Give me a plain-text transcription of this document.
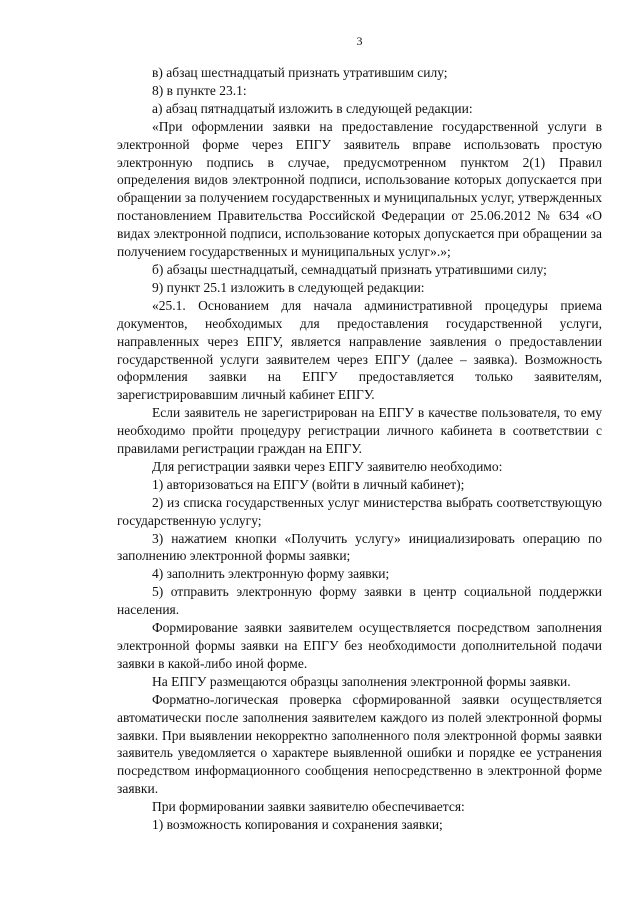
3

в) абзац шестнадцатый признать утратившим силу;

8) в пункте 23.1:

а) абзац пятнадцатый изложить в следующей редакции:

«При оформлении заявки на предоставление государственной услуги в электронной форме через ЕПГУ заявитель вправе использовать простую электронную подпись в случае, предусмотренном пунктом 2(1) Правил определения видов электронной подписи, использование которых допускается при обращении за получением государственных и муниципальных услуг, утвержденных постановлением Правительства Российской Федерации от 25.06.2012 № 634 «О видах электронной подписи, использование которых допускается при обращении за получением государственных и муниципальных услуг».»;

б) абзацы шестнадцатый, семнадцатый признать утратившими силу;

9) пункт 25.1 изложить в следующей редакции:

«25.1. Основанием для начала административной процедуры приема документов, необходимых для предоставления государственной услуги, направленных через ЕПГУ, является направление заявления о предоставлении государственной услуги заявителем через ЕПГУ (далее – заявка). Возможность оформления заявки на ЕПГУ предоставляется только заявителям, зарегистрировавшим личный кабинет ЕПГУ.

Если заявитель не зарегистрирован на ЕПГУ в качестве пользователя, то ему необходимо пройти процедуру регистрации личного кабинета в соответствии с правилами регистрации граждан на ЕПГУ.

Для регистрации заявки через ЕПГУ заявителю необходимо:

1) авторизоваться на ЕПГУ (войти в личный кабинет);

2) из списка государственных услуг министерства выбрать соответствующую государственную услугу;

3) нажатием кнопки «Получить услугу» инициализировать операцию по заполнению электронной формы заявки;

4) заполнить электронную форму заявки;

5) отправить электронную форму заявки в центр социальной поддержки населения.

Формирование заявки заявителем осуществляется посредством заполнения электронной формы заявки на ЕПГУ без необходимости дополнительной подачи заявки в какой-либо иной форме.

На ЕПГУ размещаются образцы заполнения электронной формы заявки.

Форматно-логическая проверка сформированной заявки осуществляется автоматически после заполнения заявителем каждого из полей электронной формы заявки. При выявлении некорректно заполненного поля электронной формы заявки заявитель уведомляется о характере выявленной ошибки и порядке ее устранения посредством информационного сообщения непосредственно в электронной форме заявки.

При формировании заявки заявителю обеспечивается:

1) возможность копирования и сохранения заявки;
